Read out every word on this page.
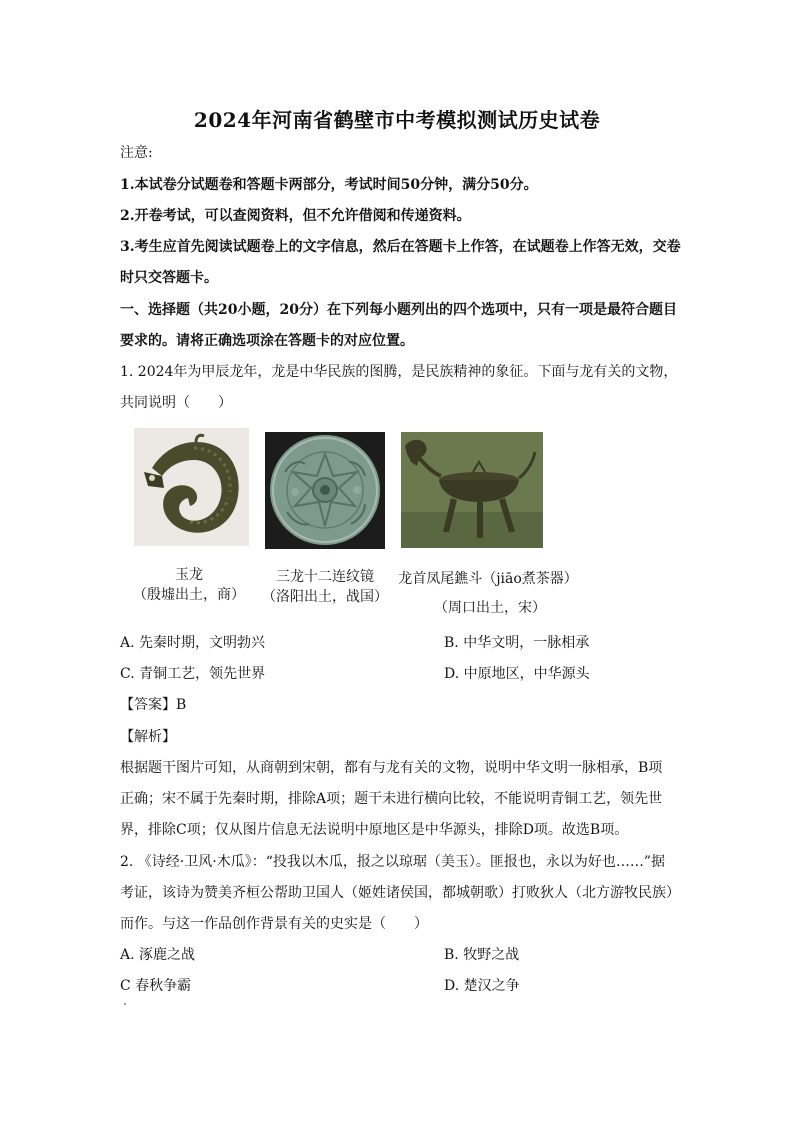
2024年河南省鹤壁市中考模拟测试历史试卷
注意:
1.本试卷分试题卷和答题卡两部分，考试时间50分钟，满分50分。
2.开卷考试，可以查阅资料，但不允许借阅和传递资料。
3.考生应首先阅读试题卷上的文字信息，然后在答题卡上作答，在试题卷上作答无效，交卷
时只交答题卡。
一、选择题（共20小题，20分）在下列每小题列出的四个选项中，只有一项是最符合题目
要求的。请将正确选项涂在答题卡的对应位置。
1. 2024年为甲辰龙年，龙是中华民族的图腾，是民族精神的象征。下面与龙有关的文物，
共同说明（　　）
玉龙
（殷墟出土，商）
三龙十二连纹镜
（洛阳出土，战国）
龙首凤尾鐎斗（jiāo煮茶器）
（周口出土，宋）
A. 先秦时期，文明勃兴	B. 中华文明，一脉相承
C. 青铜工艺，领先世界	D. 中原地区，中华源头
【答案】B
【解析】
根据题干图片可知，从商朝到宋朝，都有与龙有关的文物，说明中华文明一脉相承，B项
正确；宋不属于先秦时期，排除A项；题干未进行横向比较，不能说明青铜工艺，领先世
界，排除C项；仅从图片信息无法说明中原地区是中华源头，排除D项。故选B项。
2. 《诗经·卫风·木瓜》：“投我以木瓜，报之以琼琚（美玉）。匪报也，永以为好也……”据
考证，该诗为赞美齐桓公帮助卫国人（姬姓诸侯国，都城朝歌）打败狄人（北方游牧民族）
而作。与这一作品创作背景有关的史实是（　　）
A. 涿鹿之战	B. 牧野之战
C 春秋争霸	D. 楚汉之争
